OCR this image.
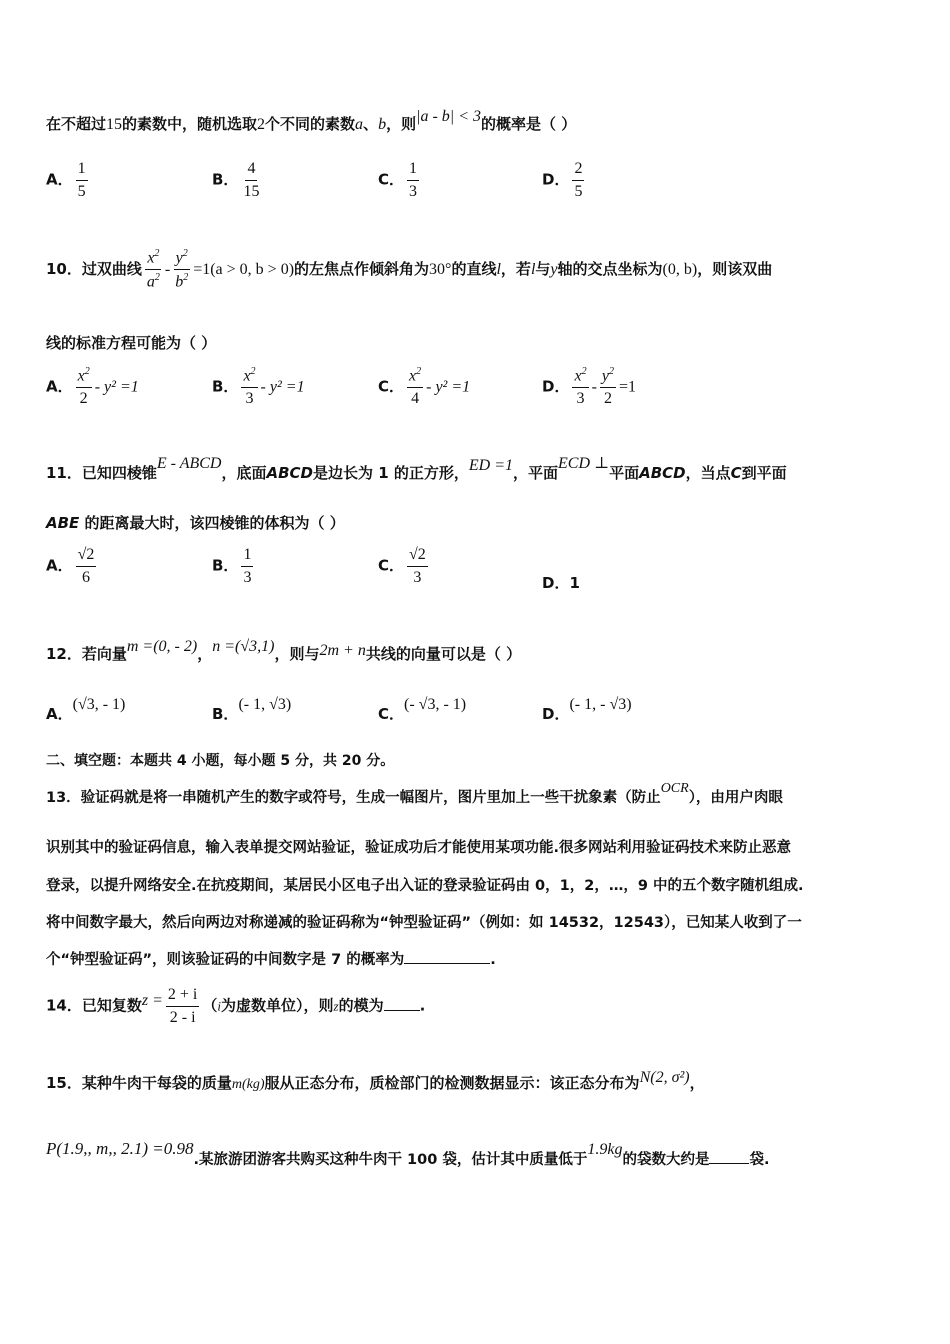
在不超过15的素数中，随机选取2个不同的素数a、b，则|a - b| < 3的概率是（ ）
A． $\frac{1}{5}$	B． $\frac{4}{15}$	C． $\frac{1}{3}$	D． $\frac{2}{5}$
10．过双曲线 $\frac{x^2}{a^2} - \frac{y^2}{b^2} =1(a > 0$, b > 0)的左焦点作倾斜角为30°的直线l，若l与y轴的交点坐标为(0, b)，则该双曲
线的标准方程可能为（ ）
A． $\frac{x^2}{2} - y^2 =1$	B． $\frac{x^2}{3} - y^2 =1$	C． $\frac{x^2}{4} - y^2 =1$	D． $\frac{x^2}{3} - \frac{y^2}{2} =1$
11．已知四棱锥E - ABCD，底面ABCD是边长为 1 的正方形，ED =1，平面ECD ⊥平面ABCD，当点C到平面
ABE 的距离最大时，该四棱锥的体积为（ ）
A． $\frac{√2}{6}$	B． $\frac{1}{3}$	C． $\frac{√2}{3}$	D．1
12．若向量m =(0, - 2)，n =(√3,1)，则与2m + n共线的向量可以是（ ）
A．(√3, - 1)
B．(- 1, √3)
C．(- √3, - 1)
D．(- 1, - √3)
二、填空题：本题共 4 小题，每小题 5 分，共 20 分。
13．验证码就是将一串随机产生的数字或符号，生成一幅图片，图片里加上一些干扰象素（防止OCR），由用户肉眼
识别其中的验证码信息，输入表单提交网站验证，验证成功后才能使用某项功能.很多网站利用验证码技术来防止恶意
登录，以提升网络安全.在抗疫期间，某居民小区电子出入证的登录验证码由 0，1，2，…，9 中的五个数字随机组成.
将中间数字最大，然后向两边对称递减的验证码称为“钟型验证码”（例如：如 14532，12543），已知某人收到了一
个“钟型验证码”，则该验证码的中间数字是 7 的概率为	.
14．已知复数$z = \frac{2 + i}{2 - i} (i$为虚数单位），则z的模为 .
15．某种牛肉干每袋的质量m(kg)服从正态分布，质检部门的检测数据显示：该正态分布为N(2, σ²)，
P(1.9,, m,, 2.1) =0.98.某旅游团游客共购买这种牛肉干 100 袋，估计其中质量低于1.9kg的袋数大约是	袋.
